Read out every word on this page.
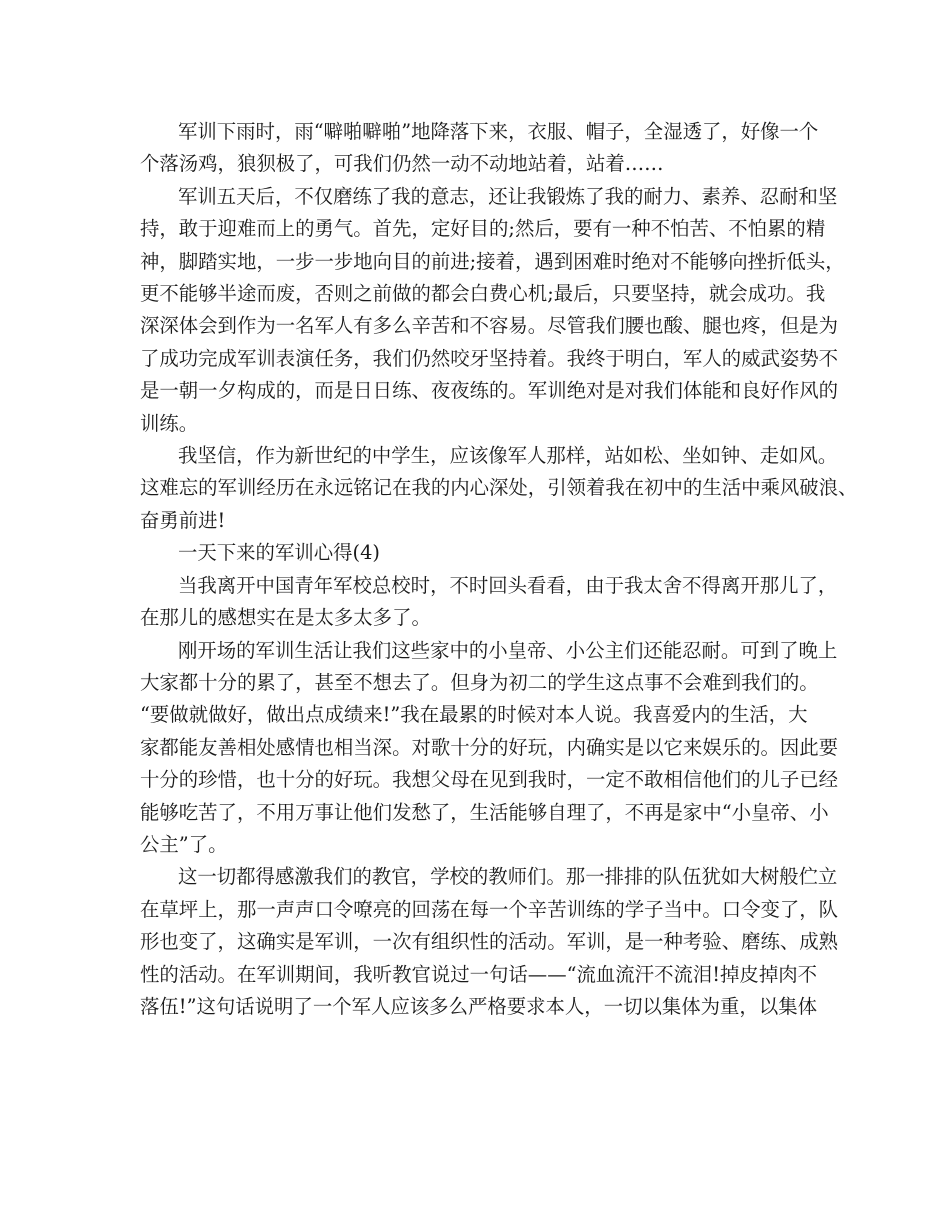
军训下雨时，雨“噼啪噼啪”地降落下来，衣服、帽子，全湿透了，好像一个
个落汤鸡，狼狈极了，可我们仍然一动不动地站着，站着……

军训五天后，不仅磨练了我的意志，还让我锻炼了我的耐力、素养、忍耐和坚
持，敢于迎难而上的勇气。首先，定好目的;然后，要有一种不怕苦、不怕累的精
神，脚踏实地，一步一步地向目的前进;接着，遇到困难时绝对不能够向挫折低头，
更不能够半途而废，否则之前做的都会白费心机;最后，只要坚持，就会成功。我
深深体会到作为一名军人有多么辛苦和不容易。尽管我们腰也酸、腿也疼，但是为
了成功完成军训表演任务，我们仍然咬牙坚持着。我终于明白，军人的威武姿势不
是一朝一夕构成的，而是日日练、夜夜练的。军训绝对是对我们体能和良好作风的
训练。

我坚信，作为新世纪的中学生，应该像军人那样，站如松、坐如钟、走如风。
这难忘的军训经历在永远铭记在我的内心深处，引领着我在初中的生活中乘风破浪、
奋勇前进!

一天下来的军训心得(4)

当我离开中国青年军校总校时，不时回头看看，由于我太舍不得离开那儿了，
在那儿的感想实在是太多太多了。

刚开场的军训生活让我们这些家中的小皇帝、小公主们还能忍耐。可到了晚上
大家都十分的累了，甚至不想去了。但身为初二的学生这点事不会难到我们的。
“要做就做好，做出点成绩来!”我在最累的时候对本人说。我喜爱内的生活，大
家都能友善相处感情也相当深。对歌十分的好玩，内确实是以它来娱乐的。因此要
十分的珍惜，也十分的好玩。我想父母在见到我时，一定不敢相信他们的儿子已经
能够吃苦了，不用万事让他们发愁了，生活能够自理了，不再是家中“小皇帝、小
公主”了。

这一切都得感激我们的教官，学校的教师们。那一排排的队伍犹如大树般伫立
在草坪上，那一声声口令嘹亮的回荡在每一个辛苦训练的学子当中。口令变了，队
形也变了，这确实是军训，一次有组织性的活动。军训，是一种考验、磨练、成熟
性的活动。在军训期间，我听教官说过一句话——“流血流汗不流泪!掉皮掉肉不
落伍!”这句话说明了一个军人应该多么严格要求本人，一切以集体为重，以集体
